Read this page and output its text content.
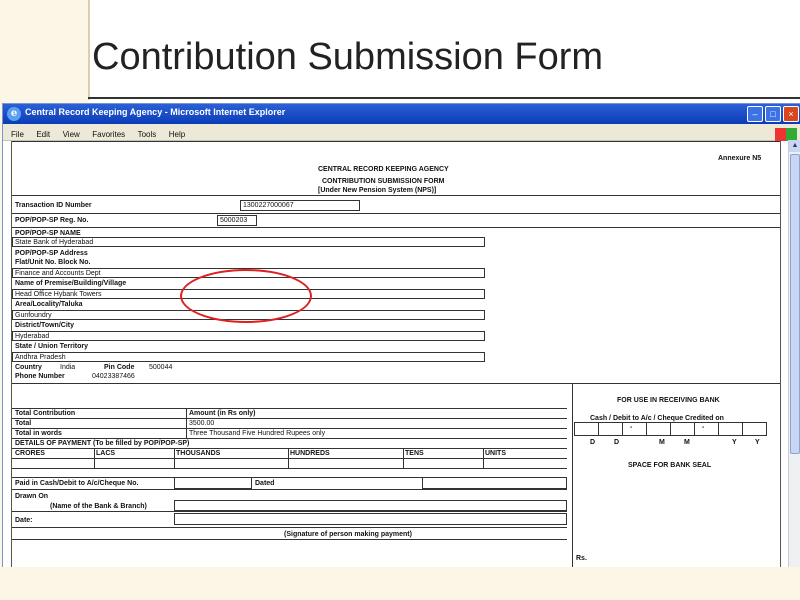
Contribution Submission Form
e Central Record Keeping Agency - Microsoft Internet Explorer	– □ ×
File Edit View Favorites Tools Help
Annexure N5
CENTRAL RECORD KEEPING AGENCY
CONTRIBUTION SUBMISSION FORM
[Under New Pension System (NPS)]
Transaction ID Number	1300227000067
POP/POP-SP Reg. No.	5000203
POP/POP-SP NAME
State Bank of Hyderabad
POP/POP-SP Address
Flat/Unit No. Block No.
Finance and Accounts Dept
Name of Premise/Building/Village
Head Office Hybank Towers
Area/Locality/Taluka
Gunfoundry
District/Town/City
Hyderabad
State / Union Territory
Andhra Pradesh
Country	India	Pin Code 500044
Phone Number	04023387466
FOR USE IN RECEIVING BANK
Cash / Debit to A/c / Cheque Credited on
-	-
D	D	M	M	Y	Y
SPACE FOR BANK SEAL
Rs.
Total Contribution	Amount (in Rs only)
Total	3500.00
Total in words	Three Thousand Five Hundred Rupees only
DETAILS OF PAYMENT (To be filled by POP/POP-SP)
CRORES	LACS	THOUSANDS	HUNDREDS	TENS	UNITS
Paid in Cash/Debit to A/c/Cheque No.	Dated
Drawn On
(Name of the Bank & Branch)
Date:
(Signature of person making payment)
▲
